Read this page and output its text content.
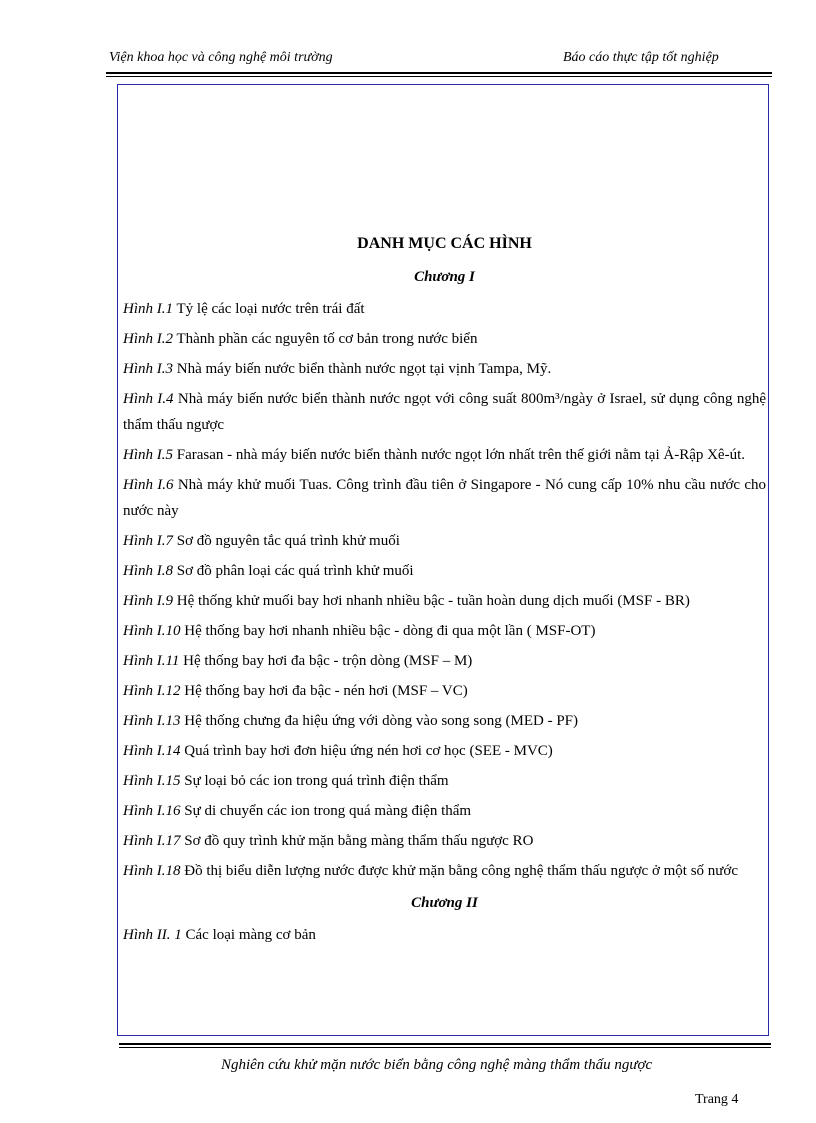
Viện khoa học và công nghệ môi trường	Báo cáo thực tập tốt nghiệp
DANH MỤC CÁC HÌNH
Chương I
Hình I.1 Tỷ lệ các loại nước trên trái đất
Hình I.2 Thành phần các nguyên tố cơ bản trong nước biển
Hình I.3 Nhà máy biến nước biển thành nước ngọt tại vịnh Tampa, Mỹ.
Hình I.4 Nhà máy biến nước biển thành nước ngọt với công suất 800m³/ngày ở Israel, sử dụng công nghệ thẩm thấu ngược
Hình I.5 Farasan - nhà máy biến nước biển thành nước ngọt lớn nhất trên thế giới nằm tại Ả-Rập Xê-út.
Hình I.6 Nhà máy khử muối Tuas. Công trình đầu tiên ở Singapore - Nó cung cấp 10% nhu cầu nước cho nước này
Hình I.7 Sơ đồ nguyên tắc quá trình khử muối
Hình I.8 Sơ đồ phân loại các quá trình khử muối
Hình I.9 Hệ thống khử muối bay hơi nhanh nhiều bậc - tuần hoàn dung dịch muối (MSF - BR)
Hình I.10 Hệ thống bay hơi nhanh nhiều bậc - dòng đi qua một lần ( MSF-OT)
Hình I.11 Hệ thống bay hơi đa bậc - trộn dòng (MSF – M)
Hình I.12 Hệ thống bay hơi đa bậc - nén hơi (MSF – VC)
Hình I.13 Hệ thống chưng đa hiệu ứng với dòng vào song song (MED - PF)
Hình I.14 Quá trình bay hơi đơn hiệu ứng nén hơi cơ học (SEE - MVC)
Hình I.15 Sự loại bỏ các ion trong quá trình điện thẩm
Hình I.16 Sự di chuyển các ion trong quá màng điện thẩm
Hình I.17 Sơ đồ quy trình khử mặn bằng màng thẩm thấu ngược RO
Hình I.18 Đồ thị biểu diễn lượng nước được khử mặn bằng công nghệ thẩm thấu ngược ở một số nước
Chương II
Hình II. 1 Các loại màng cơ bản
Nghiên cứu khử mặn nước biển bằng công nghệ màng thẩm thấu ngược
Trang 4
